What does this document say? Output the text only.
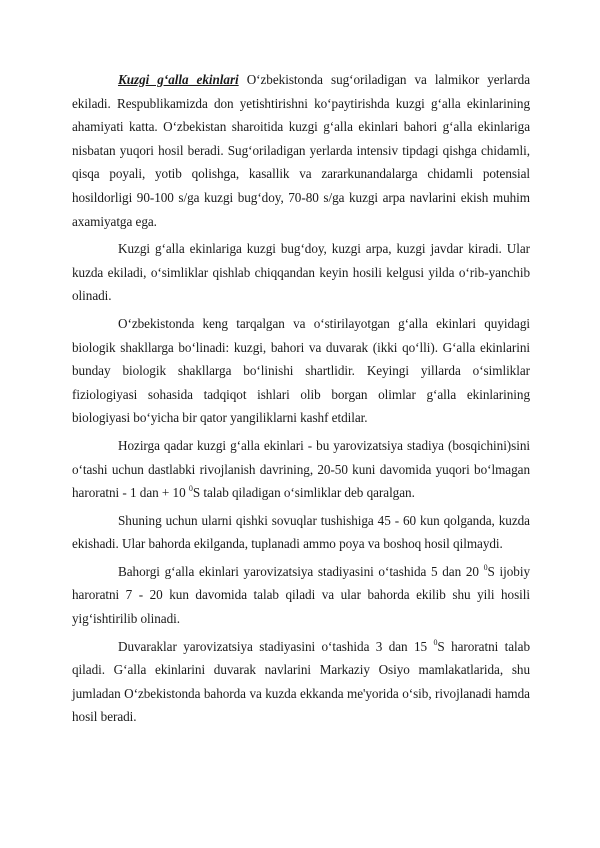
Kuzgi g‘alla ekinlari O‘zbekistonda sug‘oriladigan va lalmikor yerlarda ekiladi. Respublikamizda don yetishtirishni ko‘paytirishda kuzgi g‘alla ekinlarining ahamiyati katta. O‘zbekistan sharoitida kuzgi g‘alla ekinlari bahori g‘alla ekinlariga nisbatan yuqori hosil beradi. Sug‘oriladigan yerlarda intensiv tipdagi qishga chidamli, qisqa poyali, yotib qolishga, kasallik va zararkunandalarga chidamli potensial hosildorligi 90-100 s/ga kuzgi bug‘doy, 70-80 s/ga kuzgi arpa navlarini ekish muhim axamiyatga ega.

Kuzgi g‘alla ekinlariga kuzgi bug‘doy, kuzgi arpa, kuzgi javdar kiradi. Ular kuzda ekiladi, o‘simliklar qishlab chiqqandan keyin hosili kelgusi yilda o‘rib-yanchib olinadi.

O‘zbekistonda keng tarqalgan va o‘stirilayotgan g‘alla ekinlari quyidagi biologik shakllarga bo‘linadi: kuzgi, bahori va duvarak (ikki qo‘lli). G‘alla ekinlarini bunday biologik shakllarga bo‘linishi shartlidir. Keyingi yillarda o‘simliklar fiziologiyasi sohasida tadqiqot ishlari olib borgan olimlar g‘alla ekinlarining biologiyasi bo‘yicha bir qator yangiliklarni kashf etdilar.

Hozirga qadar kuzgi g‘alla ekinlari - bu yarovizatsiya stadiya (bosqichini)sini o‘tashi uchun dastlabki rivojlanish davrining, 20-50 kuni davomida yuqori bo‘lmagan haroratni - 1 dan + 10 $^0$S talab qiladigan o‘simliklar deb qaralgan.

Shuning uchun ularni qishki sovuqlar tushishiga 45 - 60 kun qolganda, kuzda ekishadi. Ular bahorda ekilganda, tuplanadi ammo poya va boshoq hosil qilmaydi.

Bahorgi g‘alla ekinlari yarovizatsiya stadiyasini o‘tashida 5 dan 20 $^0$S ijobiy haroratni 7 - 20 kun davomida talab qiladi va ular bahorda ekilib shu yili hosili yig‘ishtirilib olinadi.

Duvaraklar yarovizatsiya stadiyasini o‘tashida 3 dan 15 $^0$S haroratni talab qiladi. G‘alla ekinlarini duvarak navlarini Markaziy Osiyo mamlakatlarida, shu jumladan O‘zbekistonda bahorda va kuzda ekkanda me'yorida o‘sib, rivojlanadi hamda hosil beradi.
